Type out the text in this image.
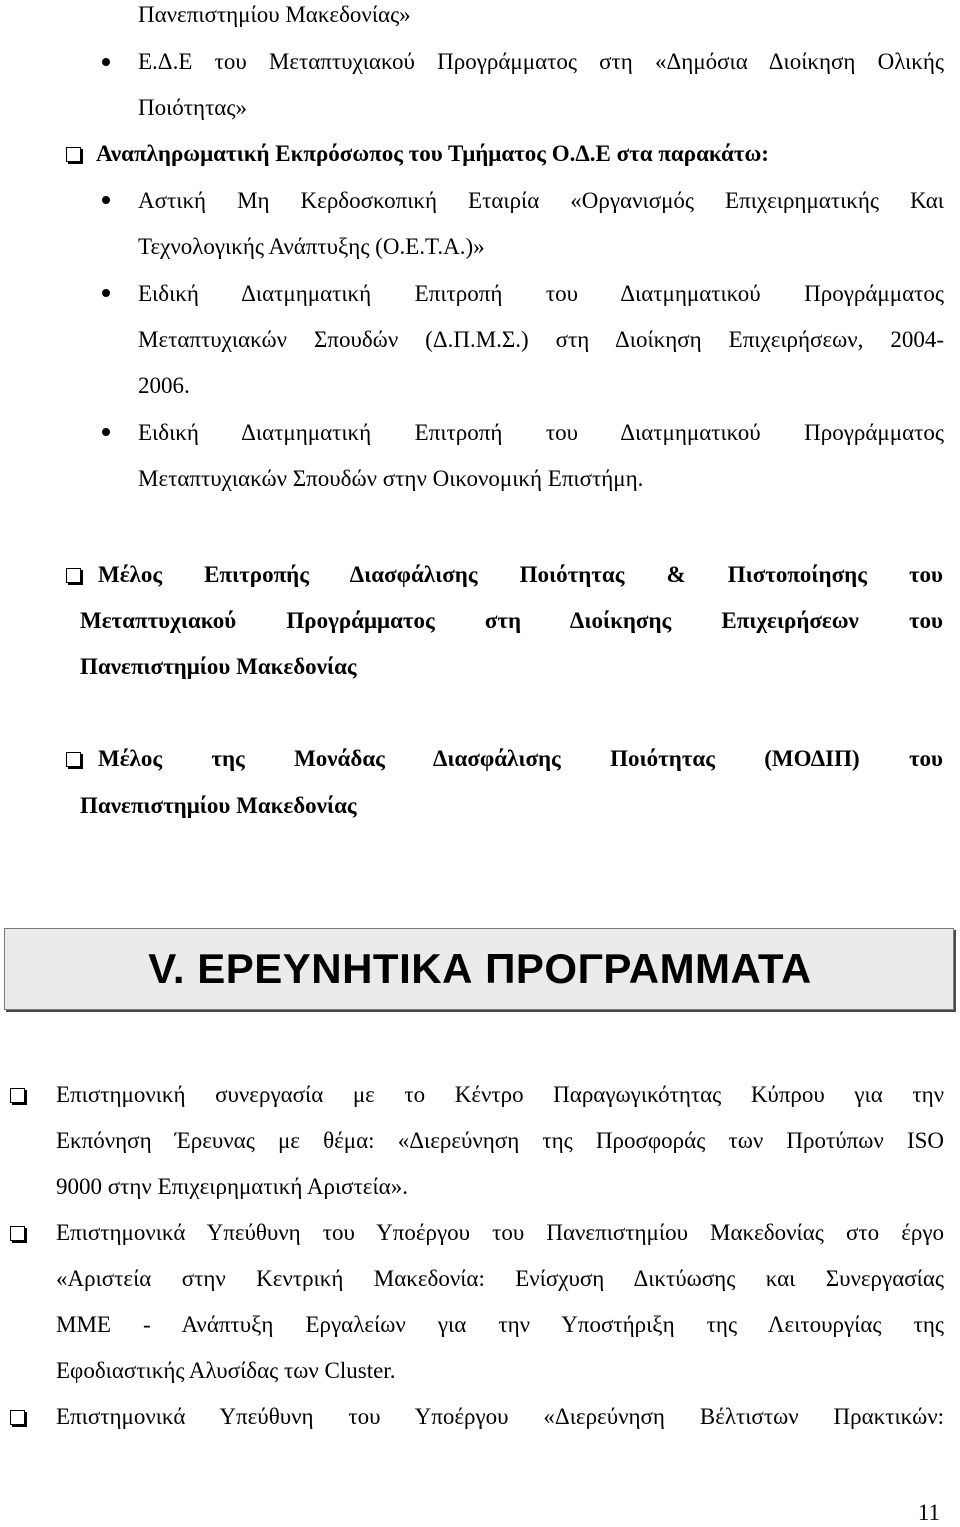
Πανεπιστημίου Μακεδονίας»
Ε.Δ.Ε του Μεταπτυχιακού Προγράμματος στη «Δημόσια Διοίκηση Ολικής
Ποιότητας»
Αναπληρωματική Εκπρόσωπος του Τμήματος Ο.Δ.Ε στα παρακάτω:
Αστική Μη Κερδοσκοπική Εταιρία «Οργανισμός Επιχειρηματικής Και
Τεχνολογικής Ανάπτυξης (Ο.Ε.Τ.Α.)»
Ειδική Διατμηματική Επιτροπή του Διατμηματικού Προγράμματος
Μεταπτυχιακών Σπουδών (Δ.Π.Μ.Σ.) στη Διοίκηση Επιχειρήσεων, 2004-
2006.
Ειδική Διατμηματική Επιτροπή του Διατμηματικού Προγράμματος
Μεταπτυχιακών Σπουδών στην Οικονομική Επιστήμη.
Μέλος Επιτροπής Διασφάλισης Ποιότητας & Πιστοποίησης του
Μεταπτυχιακού Προγράμματος στη Διοίκησης Επιχειρήσεων του
Πανεπιστημίου Μακεδονίας
Μέλος της Μονάδας Διασφάλισης Ποιότητας (ΜΟΔΙΠ) του
Πανεπιστημίου Μακεδονίας
V. ΕΡΕΥΝΗΤΙΚΑ ΠΡΟΓΡΑΜΜΑΤΑ
Επιστημονική συνεργασία με το Κέντρο Παραγωγικότητας Κύπρου για την
Εκπόνηση Έρευνας με θέμα: «Διερεύνηση της Προσφοράς των Προτύπων ISO
9000 στην Επιχειρηματική Αριστεία».
Επιστημονικά Υπεύθυνη του Υποέργου του Πανεπιστημίου Μακεδονίας στο έργο
«Αριστεία στην Κεντρική Μακεδονία: Ενίσχυση Δικτύωσης και Συνεργασίας
ΜΜΕ - Ανάπτυξη Εργαλείων για την Υποστήριξη της Λειτουργίας της
Εφοδιαστικής Αλυσίδας των Cluster.
Επιστημονικά Υπεύθυνη του Υποέργου «Διερεύνηση Βέλτιστων Πρακτικών:
11
